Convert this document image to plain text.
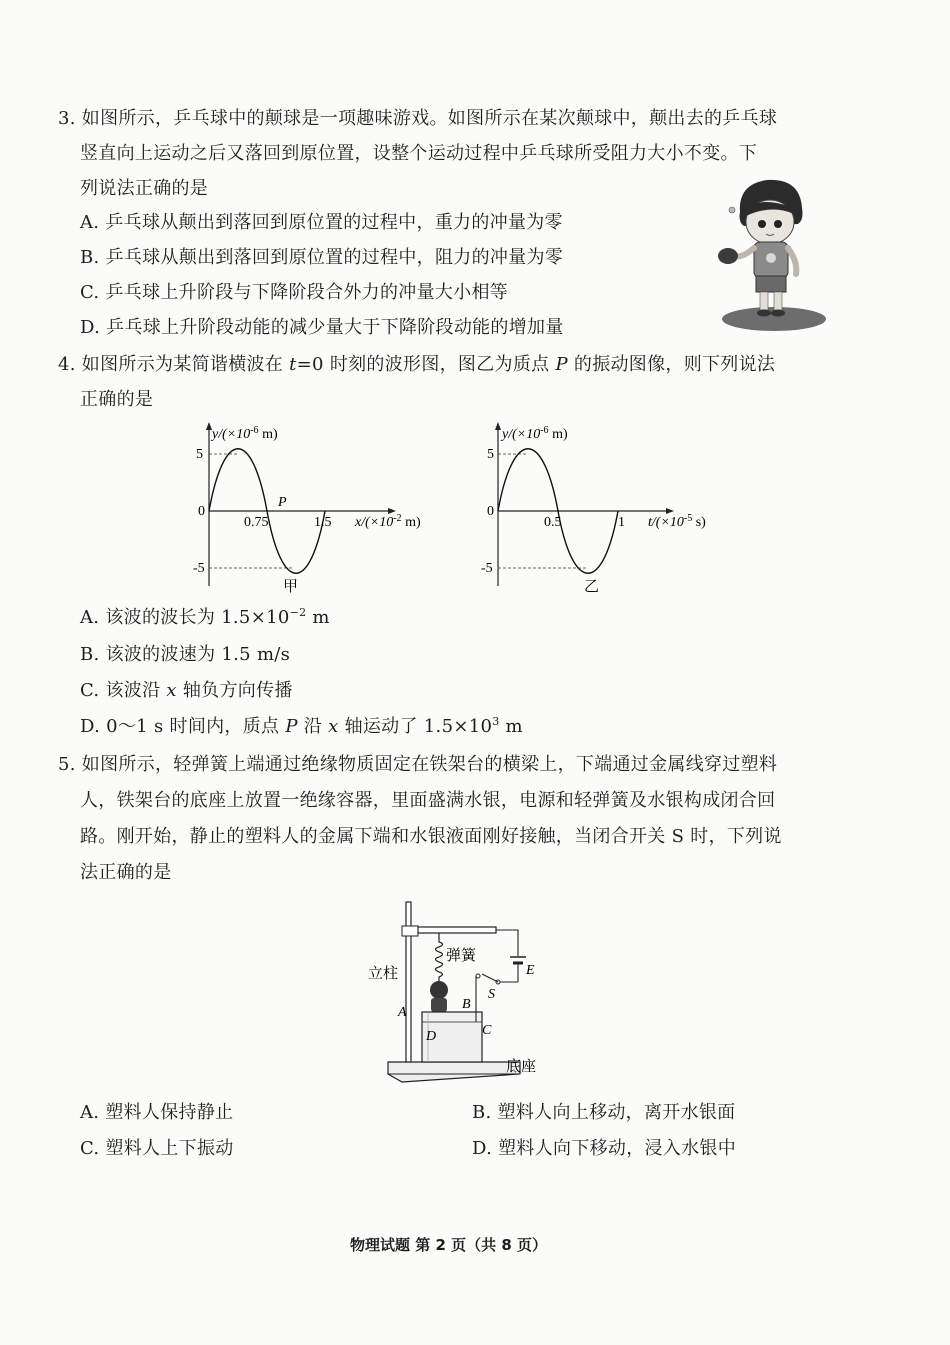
3. 如图所示，乒乓球中的颠球是一项趣味游戏。如图所示在某次颠球中，颠出去的乒乓球
竖直向上运动之后又落回到原位置，设整个运动过程中乒乓球所受阻力大小不变。下
列说法正确的是
A. 乒乓球从颠出到落回到原位置的过程中，重力的冲量为零
B. 乒乓球从颠出到落回到原位置的过程中，阻力的冲量为零
C. 乒乓球上升阶段与下降阶段合外力的冲量大小相等
D. 乒乓球上升阶段动能的减少量大于下降阶段动能的增加量
4. 如图所示为某简谐横波在 t=0 时刻的波形图，图乙为质点 P 的振动图像，则下列说法
正确的是
$y/(\times 10^{-6}$ m)
5
-5
0
0.75
P
1.5 $x/(\times 10^{-2}$ m)
甲
$y/(\times 10^{-6}$ m)
5
-5
0
0.5	1 $t/(\times 10^{-5}$ s)
乙
A. 该波的波长为 $1.5\times 10^{-2}$ m
B. 该波的波速为 1.5 m/s
C. 该波沿 x 轴负方向传播
D. 0～1 s 时间内，质点 P 沿 x 轴运动了 $1.5\times 10^3$ m
5. 如图所示，轻弹簧上端通过绝缘物质固定在铁架台的横梁上，下端通过金属线穿过塑料
人，铁架台的底座上放置一绝缘容器，里面盛满水银，电源和轻弹簧及水银构成闭合回
路。刚开始，静止的塑料人的金属下端和水银液面刚好接触，当闭合开关 S 时，下列说
法正确的是
立柱
弹簧
E
S
A
B
C
D
底座
A. 塑料人保持静止	B. 塑料人向上移动，离开水银面
C. 塑料人上下振动	D. 塑料人向下移动，浸入水银中
物理试题 第 2 页（共 8 页）
